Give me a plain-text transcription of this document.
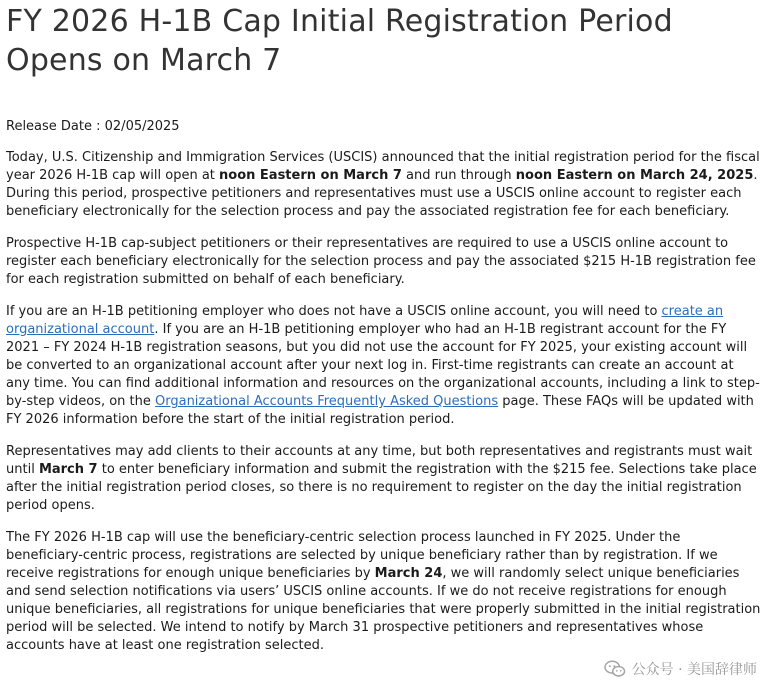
FY 2026 H-1B Cap Initial Registration Period Opens on March 7
Release Date : 02/05/2025

Today, U.S. Citizenship and Immigration Services (USCIS) announced that the initial registration period for the fiscal year 2026 H-1B cap will open at noon Eastern on March 7 and run through noon Eastern on March 24, 2025. During this period, prospective petitioners and representatives must use a USCIS online account to register each beneficiary electronically for the selection process and pay the associated registration fee for each beneficiary.

Prospective H-1B cap-subject petitioners or their representatives are required to use a USCIS online account to register each beneficiary electronically for the selection process and pay the associated $215 H-1B registration fee for each registration submitted on behalf of each beneficiary.

If you are an H-1B petitioning employer who does not have a USCIS online account, you will need to create an organizational account. If you are an H-1B petitioning employer who had an H-1B registrant account for the FY 2021 – FY 2024 H-1B registration seasons, but you did not use the account for FY 2025, your existing account will be converted to an organizational account after your next log in. First-time registrants can create an account at any time. You can find additional information and resources on the organizational accounts, including a link to step-by-step videos, on the Organizational Accounts Frequently Asked Questions page. These FAQs will be updated with FY 2026 information before the start of the initial registration period.

Representatives may add clients to their accounts at any time, but both representatives and registrants must wait until March 7 to enter beneficiary information and submit the registration with the $215 fee. Selections take place after the initial registration period closes, so there is no requirement to register on the day the initial registration period opens.

The FY 2026 H-1B cap will use the beneficiary-centric selection process launched in FY 2025. Under the beneficiary-centric process, registrations are selected by unique beneficiary rather than by registration. If we receive registrations for enough unique beneficiaries by March 24, we will randomly select unique beneficiaries and send selection notifications via users’ USCIS online accounts. If we do not receive registrations for enough unique beneficiaries, all registrations for unique beneficiaries that were properly submitted in the initial registration period will be selected. We intend to notify by March 31 prospective petitioners and representatives whose accounts have at least one registration selected.

公众号 · 美国辞律师
